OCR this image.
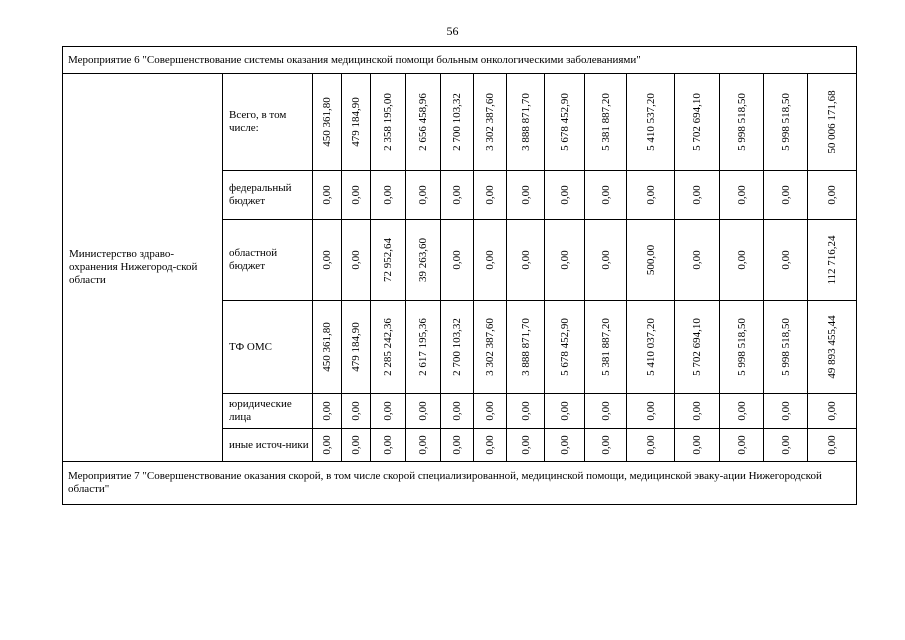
56
Мероприятие 6 "Совершенствование системы оказания медицинской помощи больным онкологическими заболеваниями"															
Министерство здраво-охранения Нижегород-ской области	Всего, в том числе:	450 361,80	479 184,90	2 358 195,00	2 656 458,96	2 700 103,32	3 302 387,60	3 888 871,70	5 678 452,90	5 381 887,20	5 410 537,20	5 702 694,10	5 998 518,50	5 998 518,50	50 006 171,68

	федеральный бюджет	0,00	0,00	0,00	0,00	0,00	0,00	0,00	0,00	0,00	0,00	0,00	0,00	0,00	0,00

	областной бюджет	0,00	0,00	72 952,64	39 263,60	0,00	0,00	0,00	0,00	0,00	500,00	0,00	0,00	0,00	112 716,24

	ТФ ОМС	450 361,80	479 184,90	2 285 242,36	2 617 195,36	2 700 103,32	3 302 387,60	3 888 871,70	5 678 452,90	5 381 887,20	5 410 037,20	5 702 694,10	5 998 518,50	5 998 518,50	49 893 455,44

	юридические лица	0,00	0,00	0,00	0,00	0,00	0,00	0,00	0,00	0,00	0,00	0,00	0,00	0,00	0,00

	иные источ-ники	0,00	0,00	0,00	0,00	0,00	0,00	0,00	0,00	0,00	0,00	0,00	0,00	0,00	0,00

Мероприятие 7 "Совершенствование оказания скорой, в том числе скорой специализированной, медицинской помощи, медицинской эваку-ации Нижегородской области"															
